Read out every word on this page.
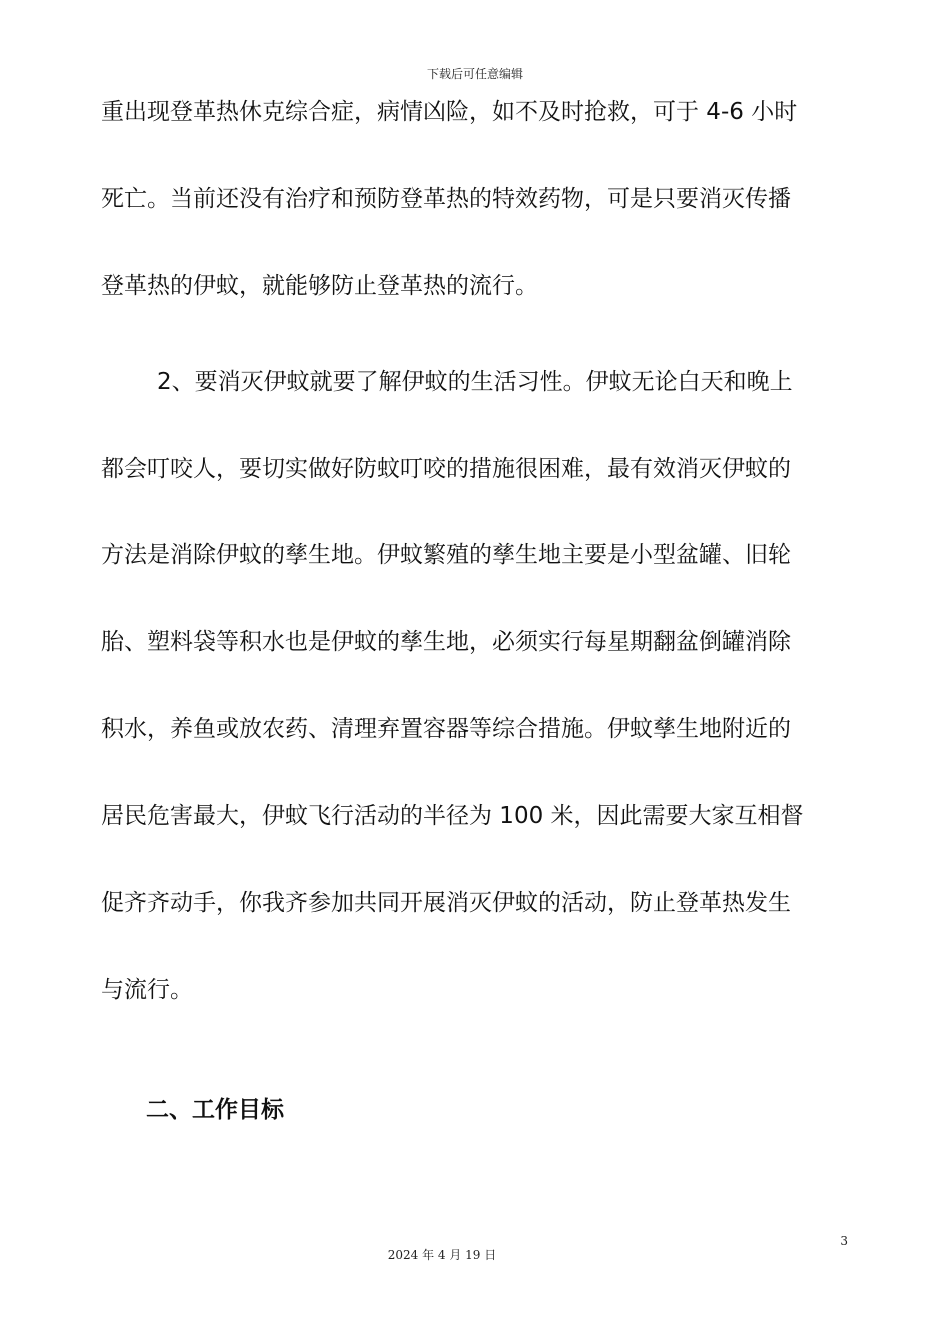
下载后可任意编辑
重出现登革热休克综合症，病情凶险，如不及时抢救，可于 4-6 小时
死亡。当前还没有治疗和预防登革热的特效药物，可是只要消灭传播
登革热的伊蚊，就能够防止登革热的流行。
2、要消灭伊蚊就要了解伊蚊的生活习性。伊蚊无论白天和晚上
都会叮咬人，要切实做好防蚊叮咬的措施很困难，最有效消灭伊蚊的
方法是消除伊蚊的孳生地。伊蚊繁殖的孳生地主要是小型盆罐、旧轮
胎、塑料袋等积水也是伊蚊的孳生地，必须实行每星期翻盆倒罐消除
积水，养鱼或放农药、清理弃置容器等综合措施。伊蚊孳生地附近的
居民危害最大，伊蚊飞行活动的半径为 100 米，因此需要大家互相督
促齐齐动手，你我齐参加共同开展消灭伊蚊的活动，防止登革热发生
与流行。
二、工作目标
3
2024 年 4 月 19 日
